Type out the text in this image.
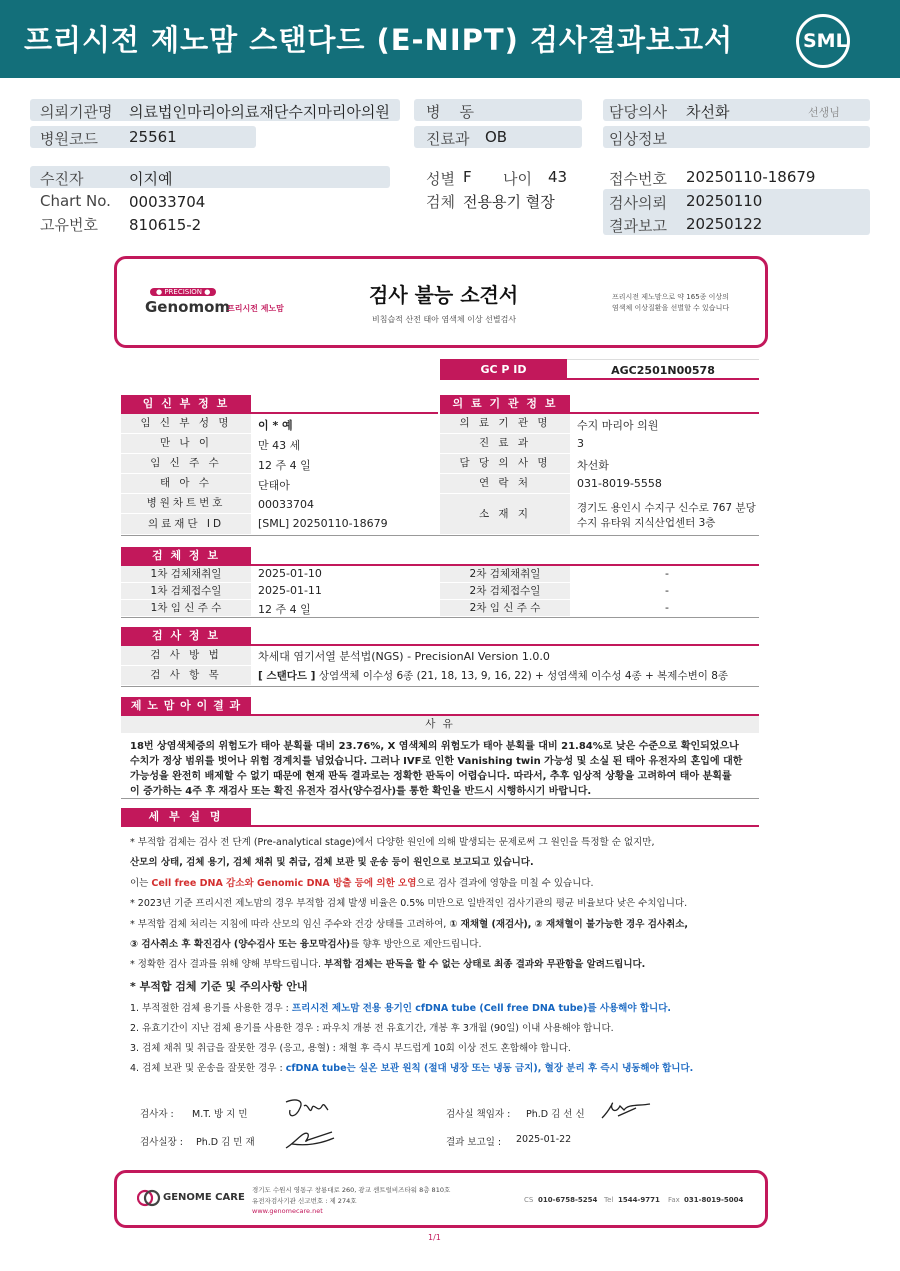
프리시전 제노맘 스탠다드 (E-NIPT) 검사결과보고서	SML
의뢰기관명 의료법인마리아의료재단수지마리아의원 병    동	담당의사 차선화	선생님
병원코드 25561	진료과 OB	임상정보
수진자	이지예	성별 F 나이 43	접수번호 20250110-18679
Chart No. 00033704	검체 전용용기 혈장	검사의뢰 20250110
고유번호 810615-2	결과보고 20250122
● PRECISION ●
Genomom
프리시전 제노맘
검사 불능 소견서
비침습적 산전 태아 염색체 이상 선별검사
프리시전 제노맘으로 약 165종 이상의
염색체 이상질환을 선별할 수 있습니다
GC P ID	AGC2501N00578
임 신 부 정 보	의 료 기 관 정 보
임 신 부 성 명	이 * 예
만 나 이	만 43 세
임 신 주 수	12 주 4 일
태 아 수	단태아
병원차트번호	00033704
의료재단 ID	[SML] 20250110-18679
의 료 기 관 명	수지 마리아 의원
진 료 과	3
담 당 의 사 명	차선화
연 락 처	031-8019-5558
소 재 지	경기도 용인시 수지구 신수로 767 분당
수지 유타워 지식산업센터 3층
검 체 정 보
1차 검체채취일	2025-01-10	2차 검체채취일	-
1차 검체접수일	2025-01-11	2차 검체접수일	-
1차 임 신 주 수	12 주 4 일	2차 임 신 주 수	-
검 사 정 보
검 사 방 법	차세대 염기서열 분석법(NGS) - PrecisionAI Version 1.0.0
검 사 항 목	[ 스탠다드 ] 상염색체 이수성 6종 (21, 18, 13, 9, 16, 22) + 성염색체 이수성 4종 + 복제수변이 8종
제 노 맘 아 이 결 과
사 유
18번 상염색체증의 위험도가 태아 분획률 대비 23.76%, X 염색체의 위험도가 태아 분획률 대비 21.84%로 낮은 수준으로 확인되었으나
수치가 정상 범위를 벗어나 위험 경계치를 넘었습니다. 그러나 IVF로 인한 Vanishing twin 가능성 및 소실 된 태아 유전자의 혼입에 대한
가능성을 완전히 배제할 수 없기 때문에 현재 판독 결과로는 정확한 판독이 어렵습니다. 따라서, 추후 임상적 상황을 고려하여 태아 분획률
이 증가하는 4주 후 재검사 또는 확진 유전자 검사(양수검사)를 통한 확인을 반드시 시행하시기 바랍니다.
세 부 설 명
* 부적합 검체는 검사 전 단계 (Pre-analytical stage)에서 다양한 원인에 의해 발생되는 문제로써 그 원인을 특정할 순 없지만,
산모의 상태, 검체 용기, 검체 채취 및 취급, 검체 보관 및 운송 등이 원인으로 보고되고 있습니다.
이는 Cell free DNA 감소와 Genomic DNA 방출 등에 의한 오염으로 검사 결과에 영향을 미칠 수 있습니다.
* 2023년 기준 프리시전 제노맘의 경우 부적합 검체 발생 비율은 0.5% 미만으로 일반적인 검사기관의 평균 비율보다 낮은 수치입니다.
* 부적합 검체 처리는 지침에 따라 산모의 임신 주수와 건강 상태를 고려하여, ① 재채혈 (재검사), ② 재채혈이 불가능한 경우 검사취소,
③ 검사취소 후 확진검사 (양수검사 또는 융모막검사)를 향후 방안으로 제안드립니다.
* 정확한 검사 결과를 위해 양해 부탁드립니다. 부적합 검체는 판독을 할 수 없는 상태로 최종 결과와 무관함을 알려드립니다.
* 부적합 검체 기준 및 주의사항 안내
1. 부적절한 검체 용기를 사용한 경우 : 프리시전 제노맘 전용 용기인 cfDNA tube (Cell free DNA tube)를 사용해야 합니다.
2. 유효기간이 지난 검체 용기를 사용한 경우 : 파우치 개봉 전 유효기간, 개봉 후 3개월 (90일) 이내 사용해야 합니다.
3. 검체 채취 및 취급을 잘못한 경우 (응고, 용혈) : 채혈 후 즉시 부드럽게 10회 이상 전도 혼합해야 합니다.
4. 검체 보관 및 운송을 잘못한 경우 : cfDNA tube는 실온 보관 원칙 (절대 냉장 또는 냉동 금지), 혈장 분리 후 즉시 냉동해야 합니다.
검사자 : M.T. 방 지 민	검사실 책임자 : Ph.D 김 선 신
검사실장 : Ph.D 김 민 재	결과 보고일 : 2025-01-22
GENOME CARE
경기도 수원시 영통구 창룡대로 260, 광교 센트럴비즈타워 8층 810호
유전자검사기관 신고번호 : 제 274호
www.genomecare.net
CS 010-6758-5254 Tel 1544-9771 Fax 031-8019-5004
1/1
